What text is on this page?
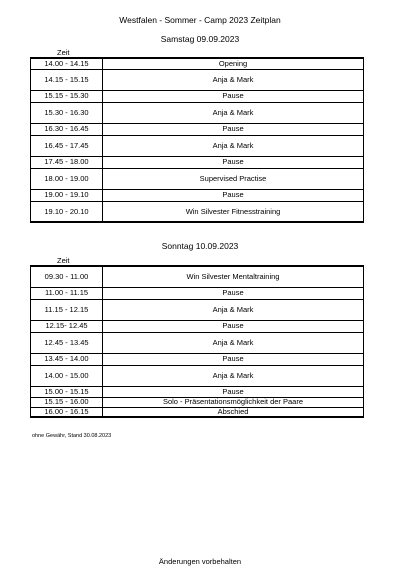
Westfalen - Sommer - Camp 2023 Zeitplan
Samstag 09.09.2023
Zeit
14.00 - 14.15	Opening
14.15 - 15.15	Anja & Mark
15.15 - 15.30	Pause
15.30 - 16.30	Anja & Mark
16.30 - 16.45	Pause
16.45 - 17.45	Anja & Mark
17.45 - 18.00	Pause
18.00 - 19.00	Supervised Practise
19.00 - 19.10	Pause
19.10 - 20.10	Win Silvester Fitnesstraining
Sonntag 10.09.2023
Zeit
09.30 - 11.00	Win Silvester Mentaltraining
11.00 - 11.15	Pause
11.15 - 12.15	Anja & Mark
12.15- 12.45	Pause
12.45 - 13.45	Anja & Mark
13.45 - 14.00	Pause
14.00 - 15.00	Anja & Mark
15.00 - 15.15	Pause
15.15 - 16.00	Solo - Präsentationsmöglichkeit der Paare
16.00 - 16.15	Abschied
ohne Gewähr, Stand 30.08.2023
Änderungen vorbehalten
